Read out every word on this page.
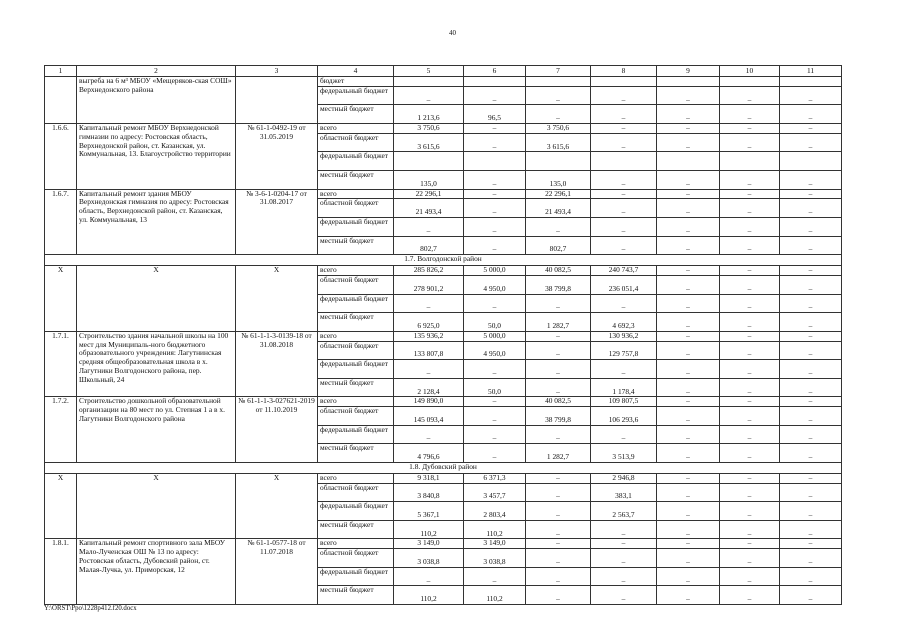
40
1	2	3	4	5	6	7	8	9	10	11
	выгреба на 6 м³ МБОУ «Мещеряков-ская СОШ» Верхнедонского района		бюджет							
			федеральный бюджет	–	–	–	–	–	–	–
			местный бюджет	1 213,6	96,5	–	–	–	–	–
1.6.6.	Капитальный ремонт МБОУ Верхнедонской гимназии по адресу: Ростовская область, Верхнедонской район, ст. Казанская, ул. Коммунальная, 13. Благоустройство территории	№ 61-1-0492-19 от 31.05.2019	всего	3 750,6	–	3 750,6	–	–	–	–
			областной бюджет	3 615,6	–	3 615,6	–	–	–	–
			федеральный бюджет							
			местный бюджет	135,0	–	135,0	–	–	–	–
1.6.7.	Капитальный ремонт здания МБОУ Верхнедонская гимназия по адресу: Ростовская область, Верхнедонской район, ст. Казанская, ул. Коммунальная, 13	№ 3-6-1-0204-17 от 31.08.2017	всего	22 296,1	–	22 296,1	–	–	–	–
			областной бюджет	21 493,4	–	21 493,4	–	–	–	–
			федеральный бюджет	–	–	–	–	–	–	–
			местный бюджет	802,7	–	802,7	–	–	–	–
1.7. Волгодонской район										
X	X	X	всего	285 826,2	5 000,0	40 082,5	240 743,7	–	–	–
			областной бюджет	278 901,2	4 950,0	38 799,8	236 051,4	–	–	–
			федеральный бюджет	–	–	–	–	–	–	–
			местный бюджет	6 925,0	50,0	1 282,7	4 692,3	–	–	–
1.7.1.	Строительство здания начальной школы на 100 мест для Муниципаль-ного бюджетного образовательного учреждения: Лагутнинская средняя общеобразовательная школа в х. Лагутники Волгодонского района, пер. Школьный, 24	№ 61-1-1-3-0139-18 от 31.08.2018	всего	135 936,2	5 000,0	–	130 936,2	–	–	–
			областной бюджет	133 807,8	4 950,0	–	129 757,8	–	–	–
			федеральный бюджет	–	–	–	–	–	–	–
			местный бюджет	2 128,4	50,0	–	1 178,4	–	–	–
1.7.2.	Строительство дошкольной образовательной организации на 80 мест по ул. Степная 1 а в х. Лагутники Волгодонского района	№ 61-1-1-3-027621-2019 от 11.10.2019	всего	149 890,0	–	40 082,5	109 807,5	–	–	–
			областной бюджет	145 093,4	–	38 799,8	106 293,6	–	–	–
			федеральный бюджет	–	–	–	–	–	–	–
			местный бюджет	4 796,6	–	1 282,7	3 513,9	–	–	–
1.8. Дубовский район										
X	X	X	всего	9 318,1	6 371,3	–	2 946,8	–	–	–
			областной бюджет	3 840,8	3 457,7	–	383,1	–	–	–
			федеральный бюджет	5 367,1	2 803,4	–	2 563,7	–	–	–
			местный бюджет	110,2	110,2	–	–	–	–	–
1.8.1.	Капитальный ремонт спортивного зала МБОУ Мало-Лученская ОШ № 13 по адресу: Ростовская область, Дубовский район, ст. Малая-Лучка, ул. Приморская, 12	№ 61-1-0577-18 от 11.07.2018	всего	3 149,0	3 149,0	–	–	–	–	–
			областной бюджет	3 038,8	3 038,8	–	–	–	–	–
			федеральный бюджет	–	–	–	–	–	–	–
			местный бюджет	110,2	110,2	–	–	–	–	–
Y:\ORST\Ppo\1228p412.f20.docx
